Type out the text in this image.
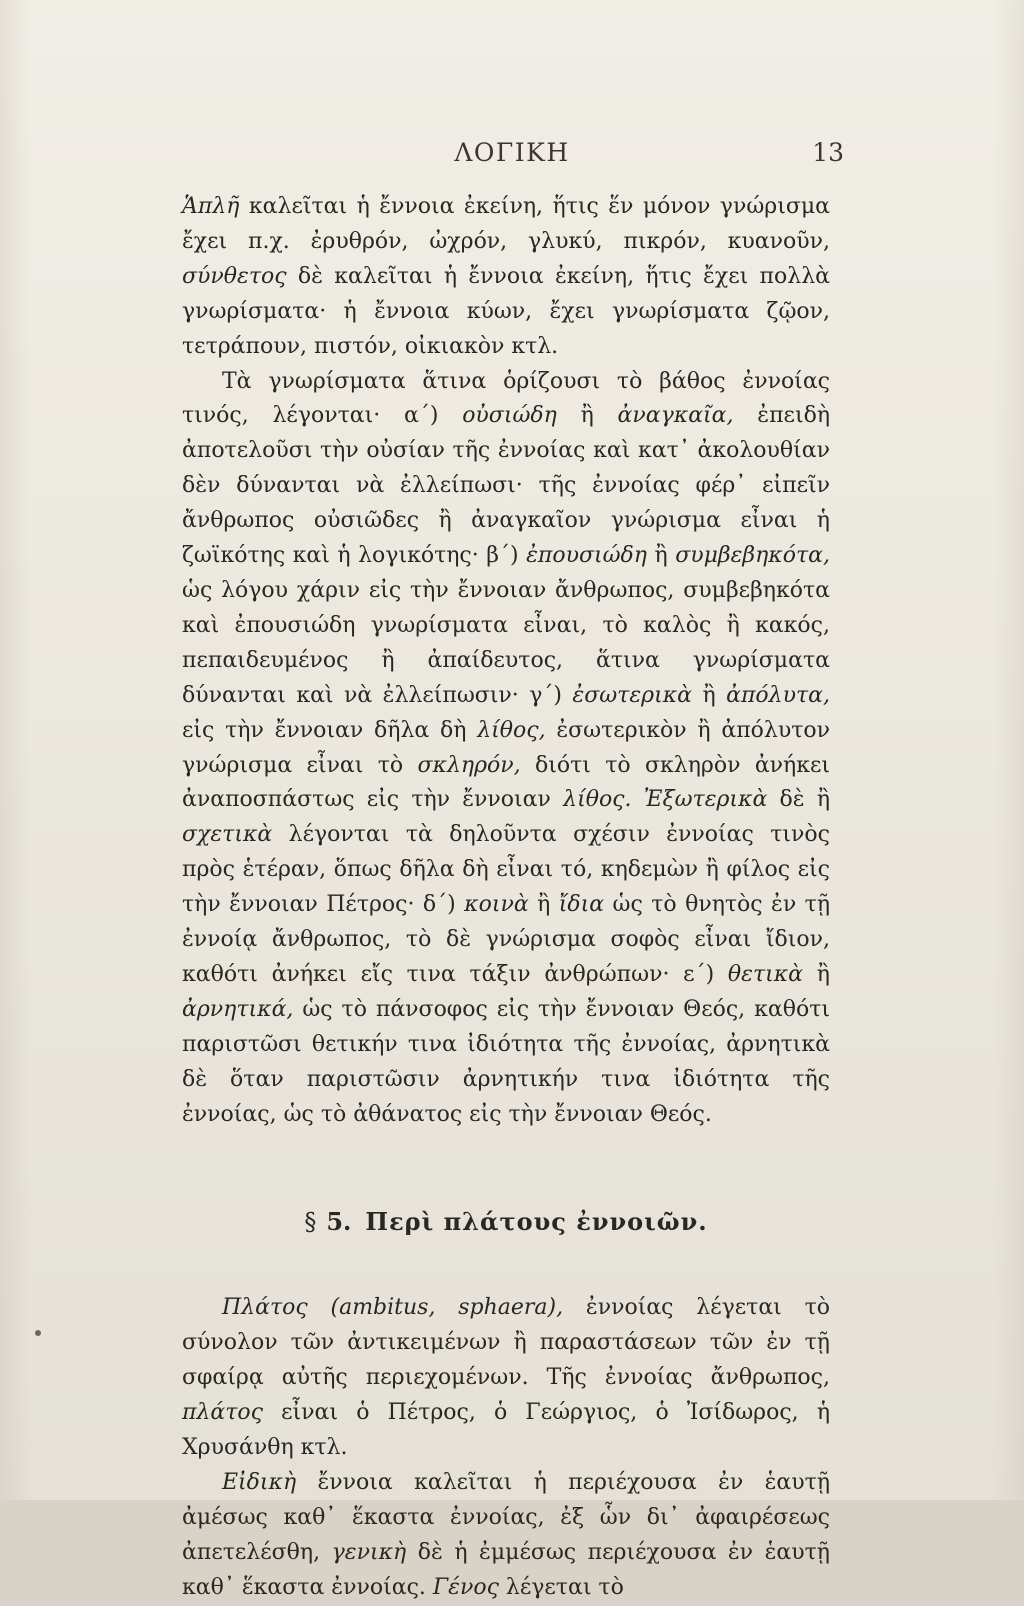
ΛΟΓΙΚΗ	13

Ἁπλῆ καλεῖται ἡ ἔννοια ἐκείνη, ἥτις ἕν μόνον γνώρισμα ἔχει π.χ. ἐρυθρόν, ὠχρόν, γλυκύ, πικρόν, κυανοῦν, σύνθετος δὲ καλεῖται ἡ ἔννοια ἐκείνη, ἥτις ἔχει πολλὰ γνωρίσματα· ἡ ἔννοια κύων, ἔχει γνωρίσματα ζῷον, τετράπουν, πιστόν, οἰκιακὸν κτλ.

Τὰ γνωρίσματα ἅτινα ὁρίζουσι τὸ βάθος ἐννοίας τινός, λέγονται· α΄) οὐσιώδη ἢ ἀναγκαῖα, ἐπειδὴ ἀποτελοῦσι τὴν οὐσίαν τῆς ἐννοίας καὶ κατ᾽ ἀκολουθίαν δὲν δύνανται νὰ ἐλλείπωσι· τῆς ἐννοίας φέρ᾽ εἰπεῖν ἄνθρωπος οὐσιῶδες ἢ ἀναγκαῖον γνώρισμα εἶναι ἡ ζωϊκότης καὶ ἡ λογικότης· β΄) ἐπουσιώδη ἢ συμβεβηκότα, ὡς λόγου χάριν εἰς τὴν ἔννοιαν ἄνθρωπος, συμβεβηκότα καὶ ἐπουσιώδη γνωρίσματα εἶναι, τὸ καλὸς ἢ κακός, πεπαιδευμένος ἢ ἀπαίδευτος, ἅτινα γνωρίσματα δύνανται καὶ νὰ ἐλλείπωσιν· γ΄) ἐσωτερικὰ ἢ ἀπόλυτα, εἰς τὴν ἔννοιαν δῆλα δὴ λίθος, ἐσωτερικὸν ἢ ἀπόλυτον γνώρισμα εἶναι τὸ σκληρόν, διότι τὸ σκληρὸν ἀνήκει ἀναποσπάστως εἰς τὴν ἔννοιαν λίθος. Ἐξωτερικὰ δὲ ἢ σχετικὰ λέγονται τὰ δηλοῦντα σχέσιν ἐννοίας τινὸς πρὸς ἑτέραν, ὅπως δῆλα δὴ εἶναι τό, κηδεμὼν ἢ φίλος εἰς τὴν ἔννοιαν Πέτρος· δ΄) κοινὰ ἢ ἴδια ὡς τὸ θνητὸς ἐν τῇ ἐννοίᾳ ἄνθρωπος, τὸ δὲ γνώρισμα σοφὸς εἶναι ἴδιον, καθότι ἀνήκει εἴς τινα τάξιν ἀνθρώπων· ε΄) θετικὰ ἢ ἀρνητικά, ὡς τὸ πάνσοφος εἰς τὴν ἔννοιαν Θεός, καθότι παριστῶσι θετικήν τινα ἰδιότητα τῆς ἐννοίας, ἀρνητικὰ δὲ ὅταν παριστῶσιν ἀρνητικήν τινα ἰδιότητα τῆς ἐννοίας, ὡς τὸ ἀθάνατος εἰς τὴν ἔννοιαν Θεός.

§ 5. Περὶ πλάτους ἐννοιῶν.

Πλάτος (ambitus, sphaera), ἐννοίας λέγεται τὸ σύνολον τῶν ἀντικειμένων ἢ παραστάσεων τῶν ἐν τῇ σφαίρᾳ αὐτῆς περιεχομένων. Τῆς ἐννοίας ἄνθρωπος, πλάτος εἶναι ὁ Πέτρος, ὁ Γεώργιος, ὁ Ἰσίδωρος, ἡ Χρυσάνθη κτλ.

Εἰδικὴ ἔννοια καλεῖται ἡ περιέχουσα ἐν ἑαυτῇ ἀμέσως καθ᾽ ἕκαστα ἐννοίας, ἐξ ὧν δι᾽ ἀφαιρέσεως ἀπετελέσθη, γενικὴ δὲ ἡ ἐμμέσως περιέχουσα ἐν ἑαυτῇ καθ᾽ ἕκαστα ἐννοίας. Γένος λέγεται τὸ
